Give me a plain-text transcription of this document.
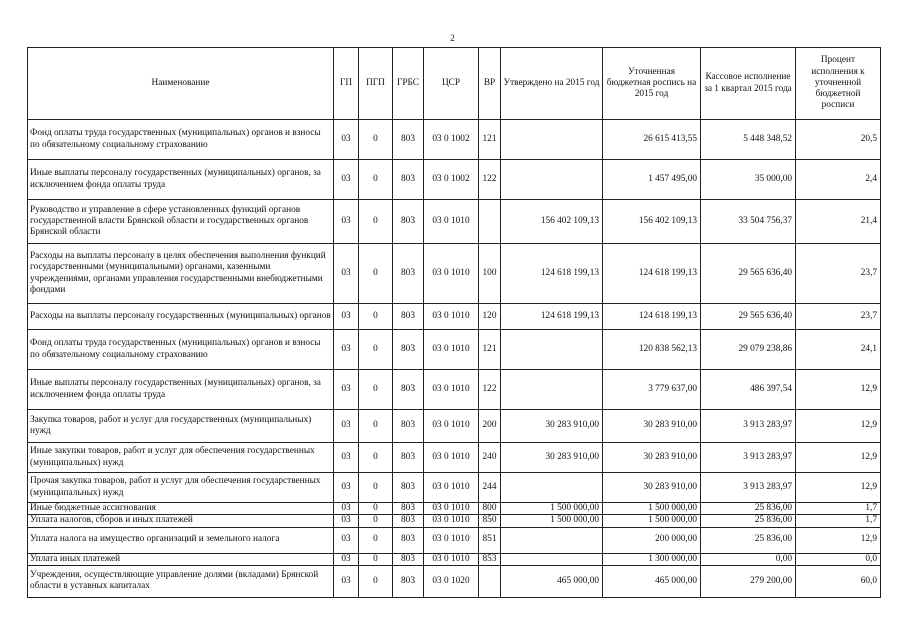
2
Наименование	ГП	ПГП	ГРБС	ЦСР	ВР	Утверждено на 2015 год	Уточненная бюджетная роспись на 2015 год	Кассовое исполнение за 1 квартал 2015 года	Процент исполнения к уточненной бюджетной росписи
Фонд оплаты труда государственных (муниципальных) органов и взносы по обязательному социальному страхованию	03	0	803	03 0 1002	121		26 615 413,55	5 448 348,52	20,5
Иные выплаты персоналу государственных (муниципальных) органов, за исключением фонда оплаты труда	03	0	803	03 0 1002	122		1 457 495,00	35 000,00	2,4
Руководство и управление в сфере установленных функций органов государственной власти Брянской области и государственных органов Брянской области	03	0	803	03 0 1010		156 402 109,13	156 402 109,13	33 504 756,37	21,4
Расходы на выплаты персоналу в целях обеспечения выполнения функций государственными (муниципальными) органами, казенными учреждениями, органами управления государственными внебюджетными фондами	03	0	803	03 0 1010	100	124 618 199,13	124 618 199,13	29 565 636,40	23,7
Расходы на выплаты персоналу государственных (муниципальных) органов	03	0	803	03 0 1010	120	124 618 199,13	124 618 199,13	29 565 636,40	23,7
Фонд оплаты труда государственных (муниципальных) органов и взносы по обязательному социальному страхованию	03	0	803	03 0 1010	121		120 838 562,13	29 079 238,86	24,1
Иные выплаты персоналу государственных (муниципальных) органов, за исключением фонда оплаты труда	03	0	803	03 0 1010	122		3 779 637,00	486 397,54	12,9
Закупка товаров, работ и услуг для государственных (муниципальных) нужд	03	0	803	03 0 1010	200	30 283 910,00	30 283 910,00	3 913 283,97	12,9
Иные закупки товаров, работ и услуг для обеспечения государственных (муниципальных) нужд	03	0	803	03 0 1010	240	30 283 910,00	30 283 910,00	3 913 283,97	12,9
Прочая закупка товаров, работ и услуг для обеспечения государственных (муниципальных) нужд	03	0	803	03 0 1010	244		30 283 910,00	3 913 283,97	12,9
Иные бюджетные ассигнования	03	0	803	03 0 1010	800	1 500 000,00	1 500 000,00	25 836,00	1,7
Уплата налогов, сборов и иных платежей	03	0	803	03 0 1010	850	1 500 000,00	1 500 000,00	25 836,00	1,7
Уплата налога на имущество организаций и земельного налога	03	0	803	03 0 1010	851		200 000,00	25 836,00	12,9
Уплата иных платежей	03	0	803	03 0 1010	853		1 300 000,00	0,00	0,0
Учреждения, осуществляющие управление долями (вкладами) Брянской области в уставных капиталах	03	0	803	03 0 1020		465 000,00	465 000,00	279 200,00	60,0
